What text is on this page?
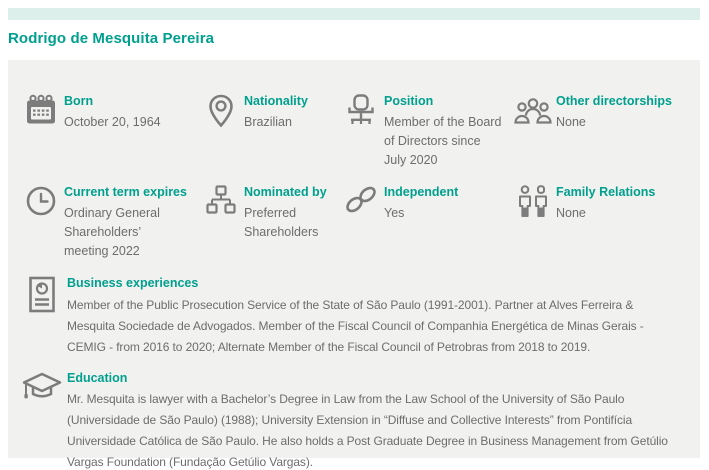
Rodrigo de Mesquita Pereira
Born
October 20, 1964
Nationality
Brazilian
Position
Member of the Board of Directors since July 2020
Other directorships
None
Current term expires
Ordinary General Shareholders’ meeting 2022
Nominated by
Preferred Shareholders
Independent
Yes
Family Relations
None
Business experiences
Member of the Public Prosecution Service of the State of São Paulo (1991-2001). Partner at Alves Ferreira & Mesquita Sociedade de Advogados. Member of the Fiscal Council of Companhia Energética de Minas Gerais - CEMIG - from 2016 to 2020; Alternate Member of the Fiscal Council of Petrobras from 2018 to 2019.
Education
Mr. Mesquita is lawyer with a Bachelor’s Degree in Law from the Law School of the University of São Paulo (Universidade de São Paulo) (1988); University Extension in “Diffuse and Collective Interests” from Pontifícia Universidade Católica de São Paulo. He also holds a Post Graduate Degree in Business Management from Getúlio Vargas Foundation (Fundação Getúlio Vargas).
